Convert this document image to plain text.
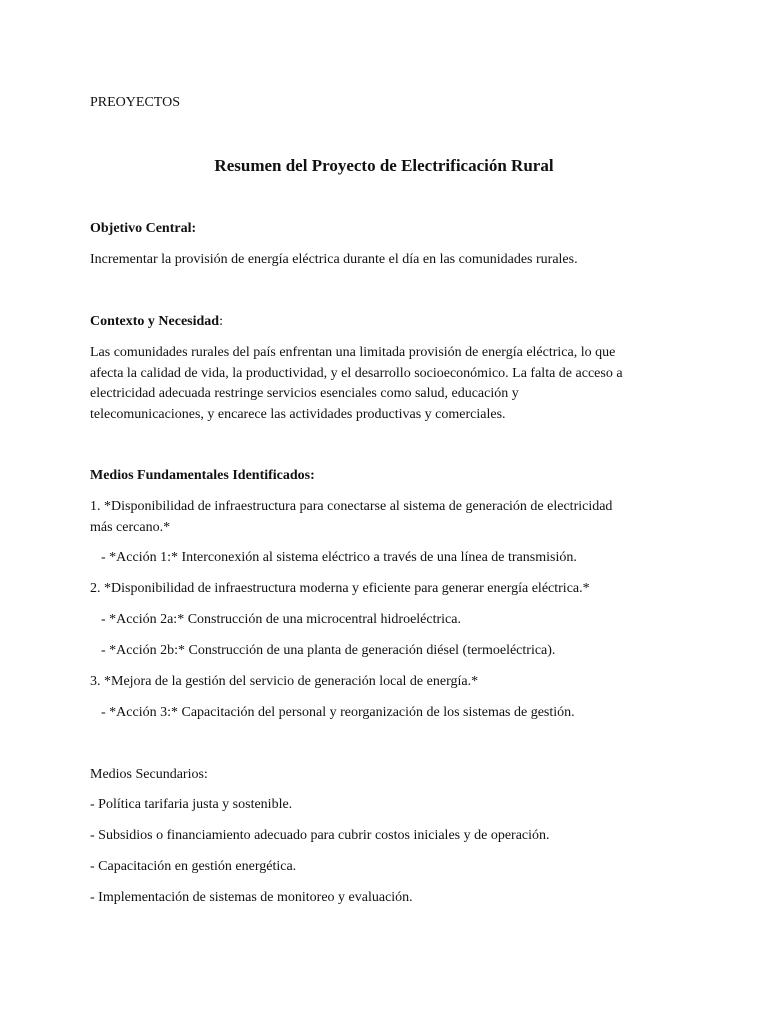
PREOYECTOS

Resumen del Proyecto de Electrificación Rural

Objetivo Central:

Incrementar la provisión de energía eléctrica durante el día en las comunidades rurales.

Contexto y Necesidad:

Las comunidades rurales del país enfrentan una limitada provisión de energía eléctrica, lo que

afecta la calidad de vida, la productividad, y el desarrollo socioeconómico. La falta de acceso a

electricidad adecuada restringe servicios esenciales como salud, educación y

telecomunicaciones, y encarece las actividades productivas y comerciales.

Medios Fundamentales Identificados:

1. *Disponibilidad de infraestructura para conectarse al sistema de generación de electricidad

más cercano.*

- *Acción 1:* Interconexión al sistema eléctrico a través de una línea de transmisión.

2. *Disponibilidad de infraestructura moderna y eficiente para generar energía eléctrica.*

- *Acción 2a:* Construcción de una microcentral hidroeléctrica.

- *Acción 2b:* Construcción de una planta de generación diésel (termoeléctrica).

3. *Mejora de la gestión del servicio de generación local de energía.*

- *Acción 3:* Capacitación del personal y reorganización de los sistemas de gestión.

Medios Secundarios:

- Política tarifaria justa y sostenible.

- Subsidios o financiamiento adecuado para cubrir costos iniciales y de operación.

- Capacitación en gestión energética.

- Implementación de sistemas de monitoreo y evaluación.
